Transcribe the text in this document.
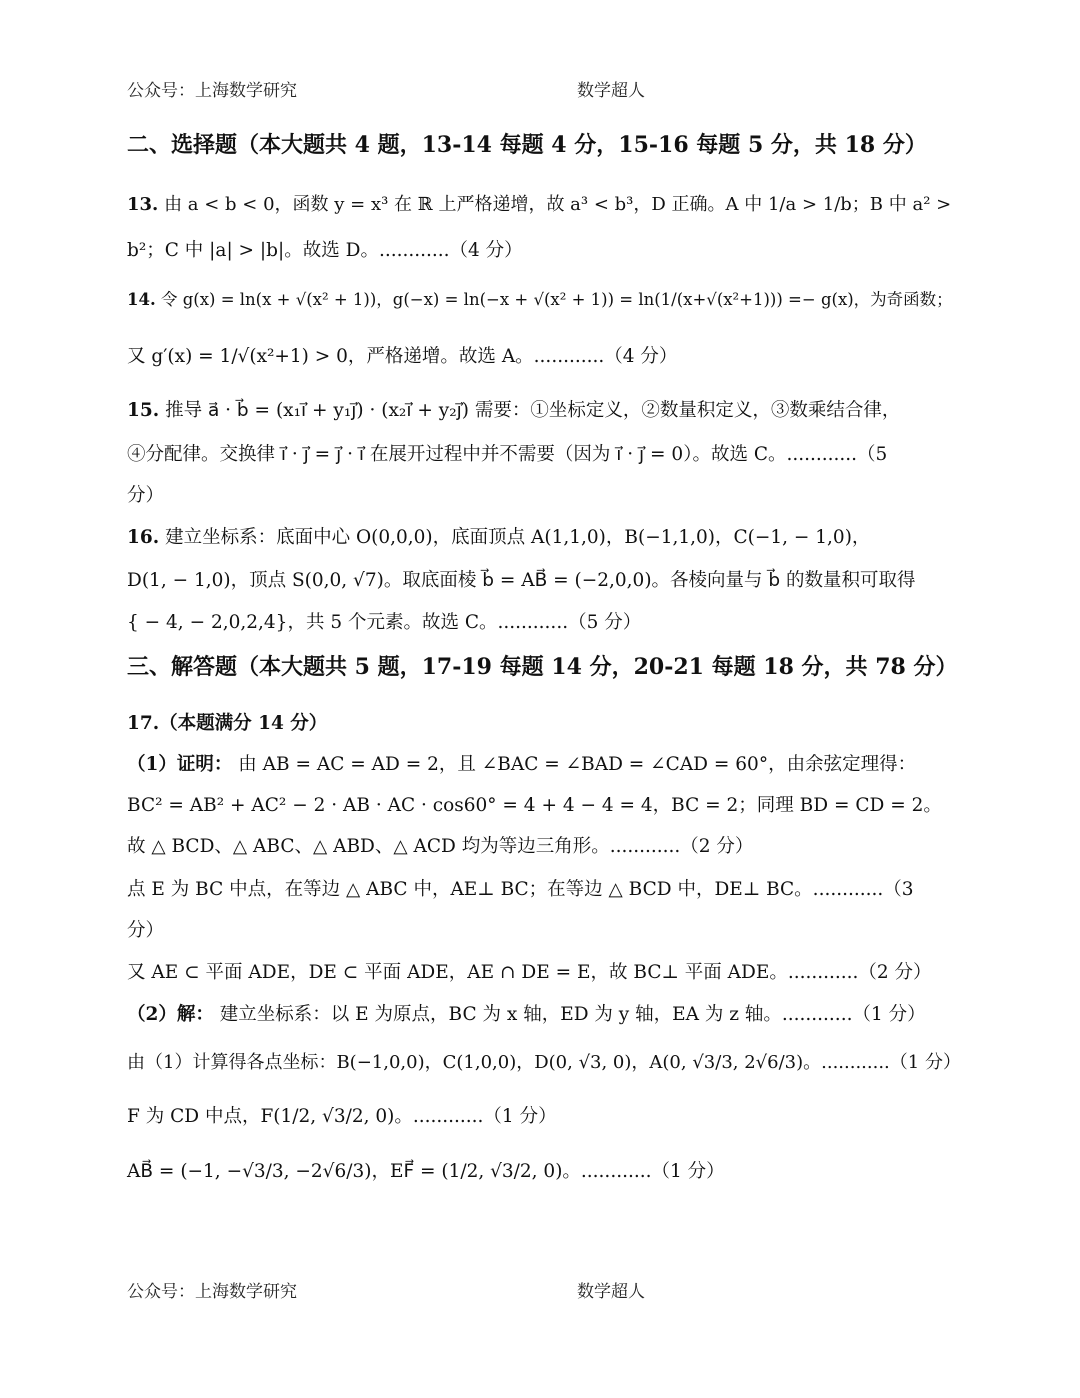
公众号：上海数学研究	数学超人
二、选择题（本大题共 4 题，13-14 每题 4 分，15-16 每题 5 分，共 18 分）
13. 由 a < b < 0，函数 y = x³ 在 ℝ 上严格递增，故 a³ < b³，D 正确。A 中 1/a > 1/b；B 中 a² >
b²；C 中 |a| > |b|。故选 D。............（4 分）
14. 令 g(x) = ln(x + √(x² + 1))，g(−x) = ln(−x + √(x² + 1)) = ln(1/(x+√(x²+1))) =− g(x)，为奇函数；
又 g′(x) = 1/√(x²+1) > 0，严格递增。故选 A。............（4 分）
15. 推导 a⃗ · b⃗ = (x₁i⃗ + y₁j⃗) · (x₂i⃗ + y₂j⃗) 需要：①坐标定义，②数量积定义，③数乘结合律，
④分配律。交换律 i⃗ · j⃗ = j⃗ · i⃗ 在展开过程中并不需要（因为 i⃗ · j⃗ = 0）。故选 C。............（5
分）
16. 建立坐标系：底面中心 O(0,0,0)，底面顶点 A(1,1,0)，B(−1,1,0)，C(−1, − 1,0)，
D(1, − 1,0)，顶点 S(0,0, √7)。取底面棱 b⃗ = AB⃗ = (−2,0,0)。各棱向量与 b⃗ 的数量积可取得
{ − 4, − 2,0,2,4}，共 5 个元素。故选 C。............（5 分）
三、解答题（本大题共 5 题，17-19 每题 14 分，20-21 每题 18 分，共 78 分）
17.（本题满分 14 分）
（1）证明： 由 AB = AC = AD = 2，且 ∠BAC = ∠BAD = ∠CAD = 60°，由余弦定理得：
BC² = AB² + AC² − 2 · AB · AC · cos60° = 4 + 4 − 4 = 4，BC = 2；同理 BD = CD = 2。
故 △ BCD、△ ABC、△ ABD、△ ACD 均为等边三角形。............（2 分）
点 E 为 BC 中点，在等边 △ ABC 中，AE⊥ BC；在等边 △ BCD 中，DE⊥ BC。............（3
分）
又 AE ⊂ 平面 ADE，DE ⊂ 平面 ADE，AE ∩ DE = E，故 BC⊥ 平面 ADE。............（2 分）
（2）解： 建立坐标系：以 E 为原点，BC 为 x 轴，ED 为 y 轴，EA 为 z 轴。............（1 分）
由（1）计算得各点坐标：B(−1,0,0)，C(1,0,0)，D(0, √3, 0)，A(0, √3/3, 2√6/3)。............（1 分）
F 为 CD 中点，F(1/2, √3/2, 0)。............（1 分）
AB⃗ = (−1, −√3/3, −2√6/3)，EF⃗ = (1/2, √3/2, 0)。............（1 分）
公众号：上海数学研究	数学超人
